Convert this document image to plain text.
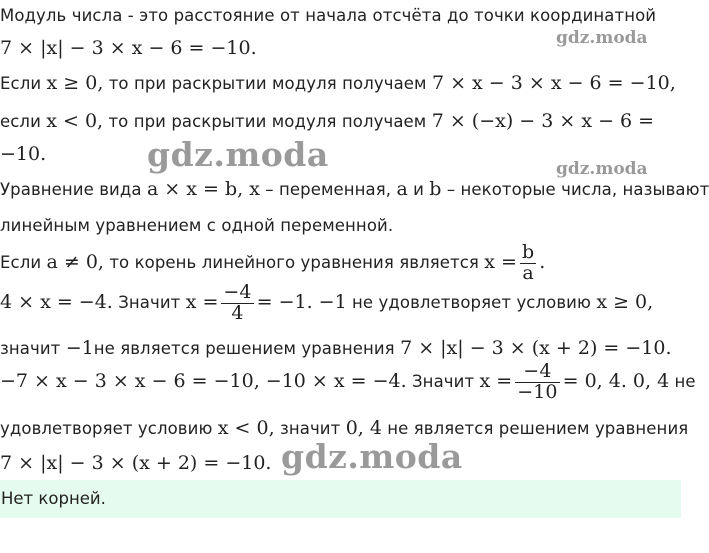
Модуль числа - это расстояние от начала отсчёта до точки координатной
7 × |x| − 3 × x − 6 = −10.
Если x ≥ 0, то при раскрытии модуля получаем 7 × x − 3 × x − 6 = −10,
если x < 0, то при раскрытии модуля получаем 7 × (−x) − 3 × x − 6 =
−10.
Уравнение вида a × x = b, x – переменная, a и b – некоторые числа, называют
линейным уравнением с одной переменной.
Если a ≠ 0, то корень линейного уравнения является $x = \frac{b}{a}$ .
4 × x = −4. Значит $x = \frac{-4}{4} = -1$. −1 не удовлетворяет условию x ≥ 0,
значит −1не является решением уравнения 7 × |x| − 3 × (x + 2) = −10.
−7 × x − 3 × x − 6 = −10, −10 × x = −4. Значит $x = \frac{-4}{-10} = 0$, 4. 0, 4 не
удовлетворяет условию x < 0, значит 0, 4 не является решением уравнения
7 × |x| − 3 × (x + 2) = −10.
gdz.moda
gdz.moda	gdz.moda
gdz.moda
Нет корней.
